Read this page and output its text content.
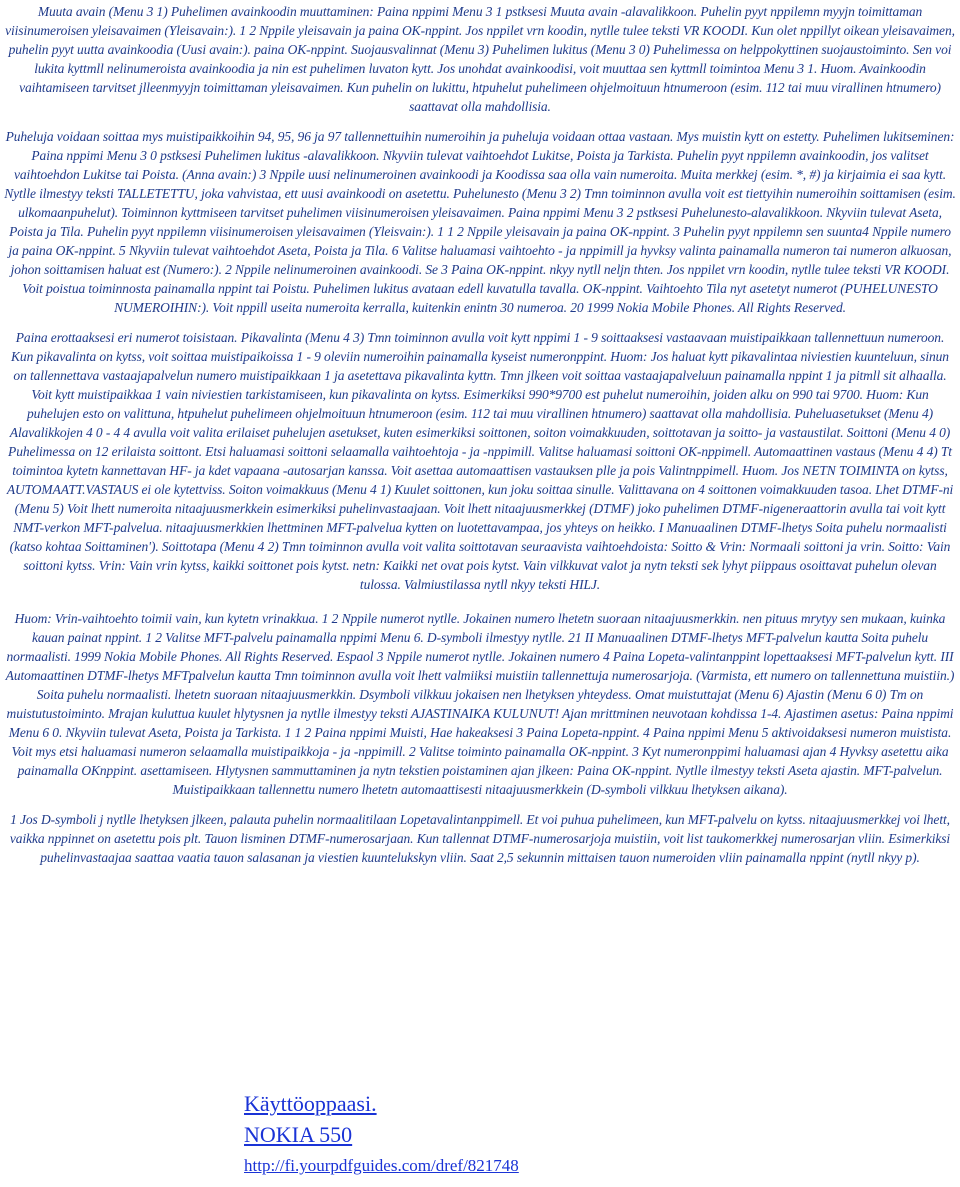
Muuta avain (Menu 3 1) Puhelimen avainkoodin muuttaminen: Paina nppimi Menu 3 1 pstksesi Muuta avain -alavalikkoon. Puhelin pyyt nppilemn myyjn toimittaman viisinumeroisen yleisavaimen (Yleisavain:). 1 2 Nppile yleisavain ja paina OK-nppint. Jos nppilet vrn koodin, nytlle tulee teksti VR KOODI. Kun olet nppillyt oikean yleisavaimen, puhelin pyyt uutta avainkoodia (Uusi avain:). paina OK-nppint. Suojausvalinnat (Menu 3) Puhelimen lukitus (Menu 3 0) Puhelimessa on helppokyttinen suojaustoiminto. Sen voi lukita kyttmll nelinumeroista avainkoodia ja nin est puhelimen luvaton kytt. Jos unohdat avainkoodisi, voit muuttaa sen kyttmll toimintoa Menu 3 1. Huom. Avainkoodin vaihtamiseen tarvitset jlleenmyyjn toimittaman yleisavaimen. Kun puhelin on lukittu, htpuhelut puhelimeen ohjelmoituun htnumeroon (esim. 112 tai muu virallinen htnumero) saattavat olla mahdollisia.

Puheluja voidaan soittaa mys muistipaikkoihin 94, 95, 96 ja 97 tallennettuihin numeroihin ja puheluja voidaan ottaa vastaan. Mys muistin kytt on estetty. Puhelimen lukitseminen: Paina nppimi Menu 3 0 pstksesi Puhelimen lukitus -alavalikkoon. Nkyviin tulevat vaihtoehdot Lukitse, Poista ja Tarkista. Puhelin pyyt nppilemn avainkoodin, jos valitset vaihtoehdon Lukitse tai Poista. (Anna avain:) 3 Nppile uusi nelinumeroinen avainkoodi ja Koodissa saa olla vain numeroita. Muita merkkej (esim. *, #) ja kirjaimia ei saa kytt. Nytlle ilmestyy teksti TALLETETTU, joka vahvistaa, ett uusi avainkoodi on asetettu. Puhelunesto (Menu 3 2) Tmn toiminnon avulla voit est tiettyihin numeroihin soittamisen (esim. ulkomaanpuhelut). Toiminnon kyttmiseen tarvitset puhelimen viisinumeroisen yleisavaimen. Paina nppimi Menu 3 2 pstksesi Puhelunesto-alavalikkoon. Nkyviin tulevat Aseta, Poista ja Tila. Puhelin pyyt nppilemn viisinumeroisen yleisavaimen (Yleisvain:). 1 1 2 Nppile yleisavain ja paina OK-nppint. 3 Puhelin pyyt nppilemn sen suunta4 Nppile numero ja paina OK-nppint. 5 Nkyviin tulevat vaihtoehdot Aseta, Poista ja Tila. 6 Valitse haluamasi vaihtoehto - ja nppimill ja hyvksy valinta painamalla numeron tai numeron alkuosan, johon soittamisen haluat est (Numero:). 2 Nppile nelinumeroinen avainkoodi. Se 3 Paina OK-nppint. nkyy nytll neljn thten. Jos nppilet vrn koodin, nytlle tulee teksti VR KOODI. Voit poistua toiminnosta painamalla nppint tai Poistu. Puhelimen lukitus avataan edell kuvatulla tavalla. OK-nppint. Vaihtoehto Tila nyt asetetyt numerot (PUHELUNESTO NUMEROIHIN:). Voit nppill useita numeroita kerralla, kuitenkin enintn 30 numeroa. 20 1999 Nokia Mobile Phones. All Rights Reserved.

Paina erottaaksesi eri numerot toisistaan. Pikavalinta (Menu 4 3) Tmn toiminnon avulla voit kytt nppimi 1 - 9 soittaaksesi vastaavaan muistipaikkaan tallennettuun numeroon. Kun pikavalinta on kytss, voit soittaa muistipaikoissa 1 - 9 oleviin numeroihin painamalla kyseist numeronppint. Huom: Jos haluat kytt pikavalintaa niviestien kuunteluun, sinun on tallennettava vastaajapalvelun numero muistipaikkaan 1 ja asetettava pikavalinta kyttn. Tmn jlkeen voit soittaa vastaajapalveluun painamalla nppint 1 ja pitmll sit alhaalla. Voit kytt muistipaikkaa 1 vain niviestien tarkistamiseen, kun pikavalinta on kytss. Esimerkiksi 990*9700 est puhelut numeroihin, joiden alku on 990 tai 9700. Huom: Kun puhelujen esto on valittuna, htpuhelut puhelimeen ohjelmoituun htnumeroon (esim. 112 tai muu virallinen htnumero) saattavat olla mahdollisia. Puheluasetukset (Menu 4) Alavalikkojen 4 0 - 4 4 avulla voit valita erilaiset puhelujen asetukset, kuten esimerkiksi soittonen, soiton voimakkuuden, soittotavan ja soitto- ja vastaustilat. Soittoni (Menu 4 0) Puhelimessa on 12 erilaista soittont. Etsi haluamasi soittoni selaamalla vaihtoehtoja - ja -nppimill. Valitse haluamasi soittoni OK-nppimell. Automaattinen vastaus (Menu 4 4) Tt toimintoa kytetn kannettavan HF- ja kdet vapaana -autosarjan kanssa. Voit asettaa automaattisen vastauksen plle ja pois Valintnppimell. Huom. Jos NETN TOIMINTA on kytss, AUTOMAATT.VASTAUS ei ole kytettviss. Soiton voimakkuus (Menu 4 1) Kuulet soittonen, kun joku soittaa sinulle. Valittavana on 4 soittonen voimakkuuden tasoa. Lhet DTMF-ni (Menu 5) Voit lhett numeroita nitaajuusmerkkein esimerkiksi puhelinvastaajaan. Voit lhett nitaajuusmerkkej (DTMF) joko puhelimen DTMF-nigeneraattorin avulla tai voit kytt NMT-verkon MFT-palvelua. nitaajuusmerkkien lhettminen MFT-palvelua kytten on luotettavampaa, jos yhteys on heikko. I Manuaalinen DTMF-lhetys Soita puhelu normaalisti (katso kohtaa Soittaminen'). Soittotapa (Menu 4 2) Tmn toiminnon avulla voit valita soittotavan seuraavista vaihtoehdoista: Soitto & Vrin: Normaali soittoni ja vrin. Soitto: Vain soittoni kytss. Vrin: Vain vrin kytss, kaikki soittonet pois kytst. netn: Kaikki net ovat pois kytst. Vain vilkkuvat valot ja nytn teksti sek lyhyt piippaus osoittavat puhelun olevan tulossa. Valmiustilassa nytll nkyy teksti HILJ.

Huom: Vrin-vaihtoehto toimii vain, kun kytetn vrinakkua. 1 2 Nppile numerot nytlle. Jokainen numero lhetetn suoraan nitaajuusmerkkin. nen pituus mrytyy sen mukaan, kuinka kauan painat nppint. 1 2 Valitse MFT-palvelu painamalla nppimi Menu 6. D-symboli ilmestyy nytlle. 21 II Manuaalinen DTMF-lhetys MFT-palvelun kautta Soita puhelu normaalisti. 1999 Nokia Mobile Phones. All Rights Reserved. Espaol 3 Nppile numerot nytlle. Jokainen numero 4 Paina Lopeta-valintanppint lopettaaksesi MFT-palvelun kytt. III Automaattinen DTMF-lhetys MFTpalvelun kautta Tmn toiminnon avulla voit lhett valmiiksi muistiin tallennettuja numerosarjoja. (Varmista, ett numero on tallennettuna muistiin.) Soita puhelu normaalisti. lhetetn suoraan nitaajuusmerkkin. Dsymboli vilkkuu jokaisen nen lhetyksen yhteydess. Omat muistuttajat (Menu 6) Ajastin (Menu 6 0) Tm on muistutustoiminto. Mrajan kuluttua kuulet hlytysnen ja nytlle ilmestyy teksti AJASTINAIKA KULUNUT! Ajan mrittminen neuvotaan kohdissa 1-4. Ajastimen asetus: Paina nppimi Menu 6 0. Nkyviin tulevat Aseta, Poista ja Tarkista. 1 1 2 Paina nppimi Muisti, Hae hakeaksesi 3 Paina Lopeta-nppint. 4 Paina nppimi Menu 5 aktivoidaksesi numeron muistista. Voit mys etsi haluamasi numeron selaamalla muistipaikkoja - ja -nppimill. 2 Valitse toiminto painamalla OK-nppint. 3 Kyt numeronppimi haluamasi ajan 4 Hyvksy asetettu aika painamalla OKnppint. asettamiseen. Hlytysnen sammuttaminen ja nytn tekstien poistaminen ajan jlkeen: Paina OK-nppint. Nytlle ilmestyy teksti Aseta ajastin. MFT-palvelun. Muistipaikkaan tallennettu numero lhetetn automaattisesti nitaajuusmerkkein (D-symboli vilkkuu lhetyksen aikana).

1 Jos D-symboli j nytlle lhetyksen jlkeen, palauta puhelin normaalitilaan Lopetavalintanppimell. Et voi puhua puhelimeen, kun MFT-palvelu on kytss. nitaajuusmerkkej voi lhett, vaikka nppinnet on asetettu pois plt. Tauon lisminen DTMF-numerosarjaan. Kun tallennat DTMF-numerosarjoja muistiin, voit list taukomerkkej numerosarjan vliin. Esimerkiksi puhelinvastaajaa saattaa vaatia tauon salasanan ja viestien kuuntelukskyn vliin. Saat 2,5 sekunnin mittaisen tauon numeroiden vliin painamalla nppint (nytll nkyy p).

Käyttöoppaasi.
NOKIA 550
http://fi.yourpdfguides.com/dref/821748
